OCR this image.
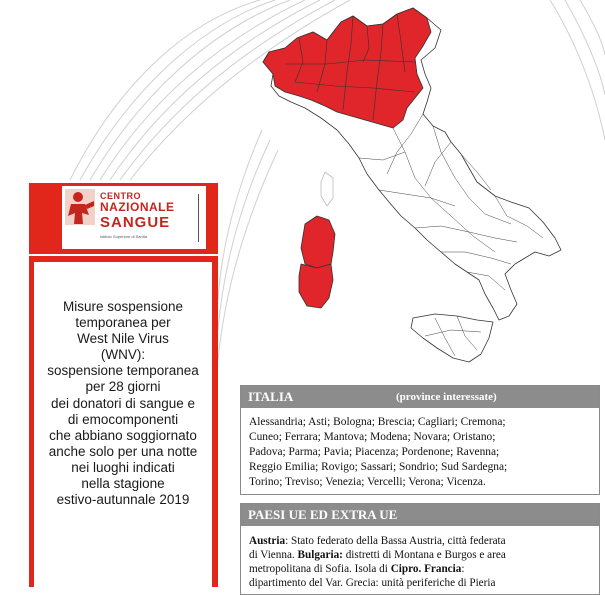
CENTRO
NAZIONALE
SANGUE
Istituto Superiore di Sanità
Misure sospensione
temporanea per
West Nile Virus
(WNV):
sospensione temporanea
per 28 giorni
dei donatori di sangue e
di emocomponenti
che abbiano soggiornato
anche solo per una notte
nei luoghi indicati
nella stagione
estivo-autunnale 2019
ITALIA	(province interessate)
Alessandria; Asti; Bologna; Brescia; Cagliari; Cremona;
Cuneo; Ferrara; Mantova; Modena; Novara; Oristano;
Padova; Parma; Pavia; Piacenza; Pordenone; Ravenna;
Reggio Emilia; Rovigo; Sassari; Sondrio; Sud Sardegna;
Torino; Treviso; Venezia; Vercelli; Verona; Vicenza.
PAESI UE ED EXTRA UE
Austria: Stato federato della Bassa Austria, città federata
di Vienna. Bulgaria: distretti di Montana e Burgos e area
metropolitana di Sofia. Isola di Cipro. Francia:
dipartimento del Var. Grecia: unità periferiche di Pieria
